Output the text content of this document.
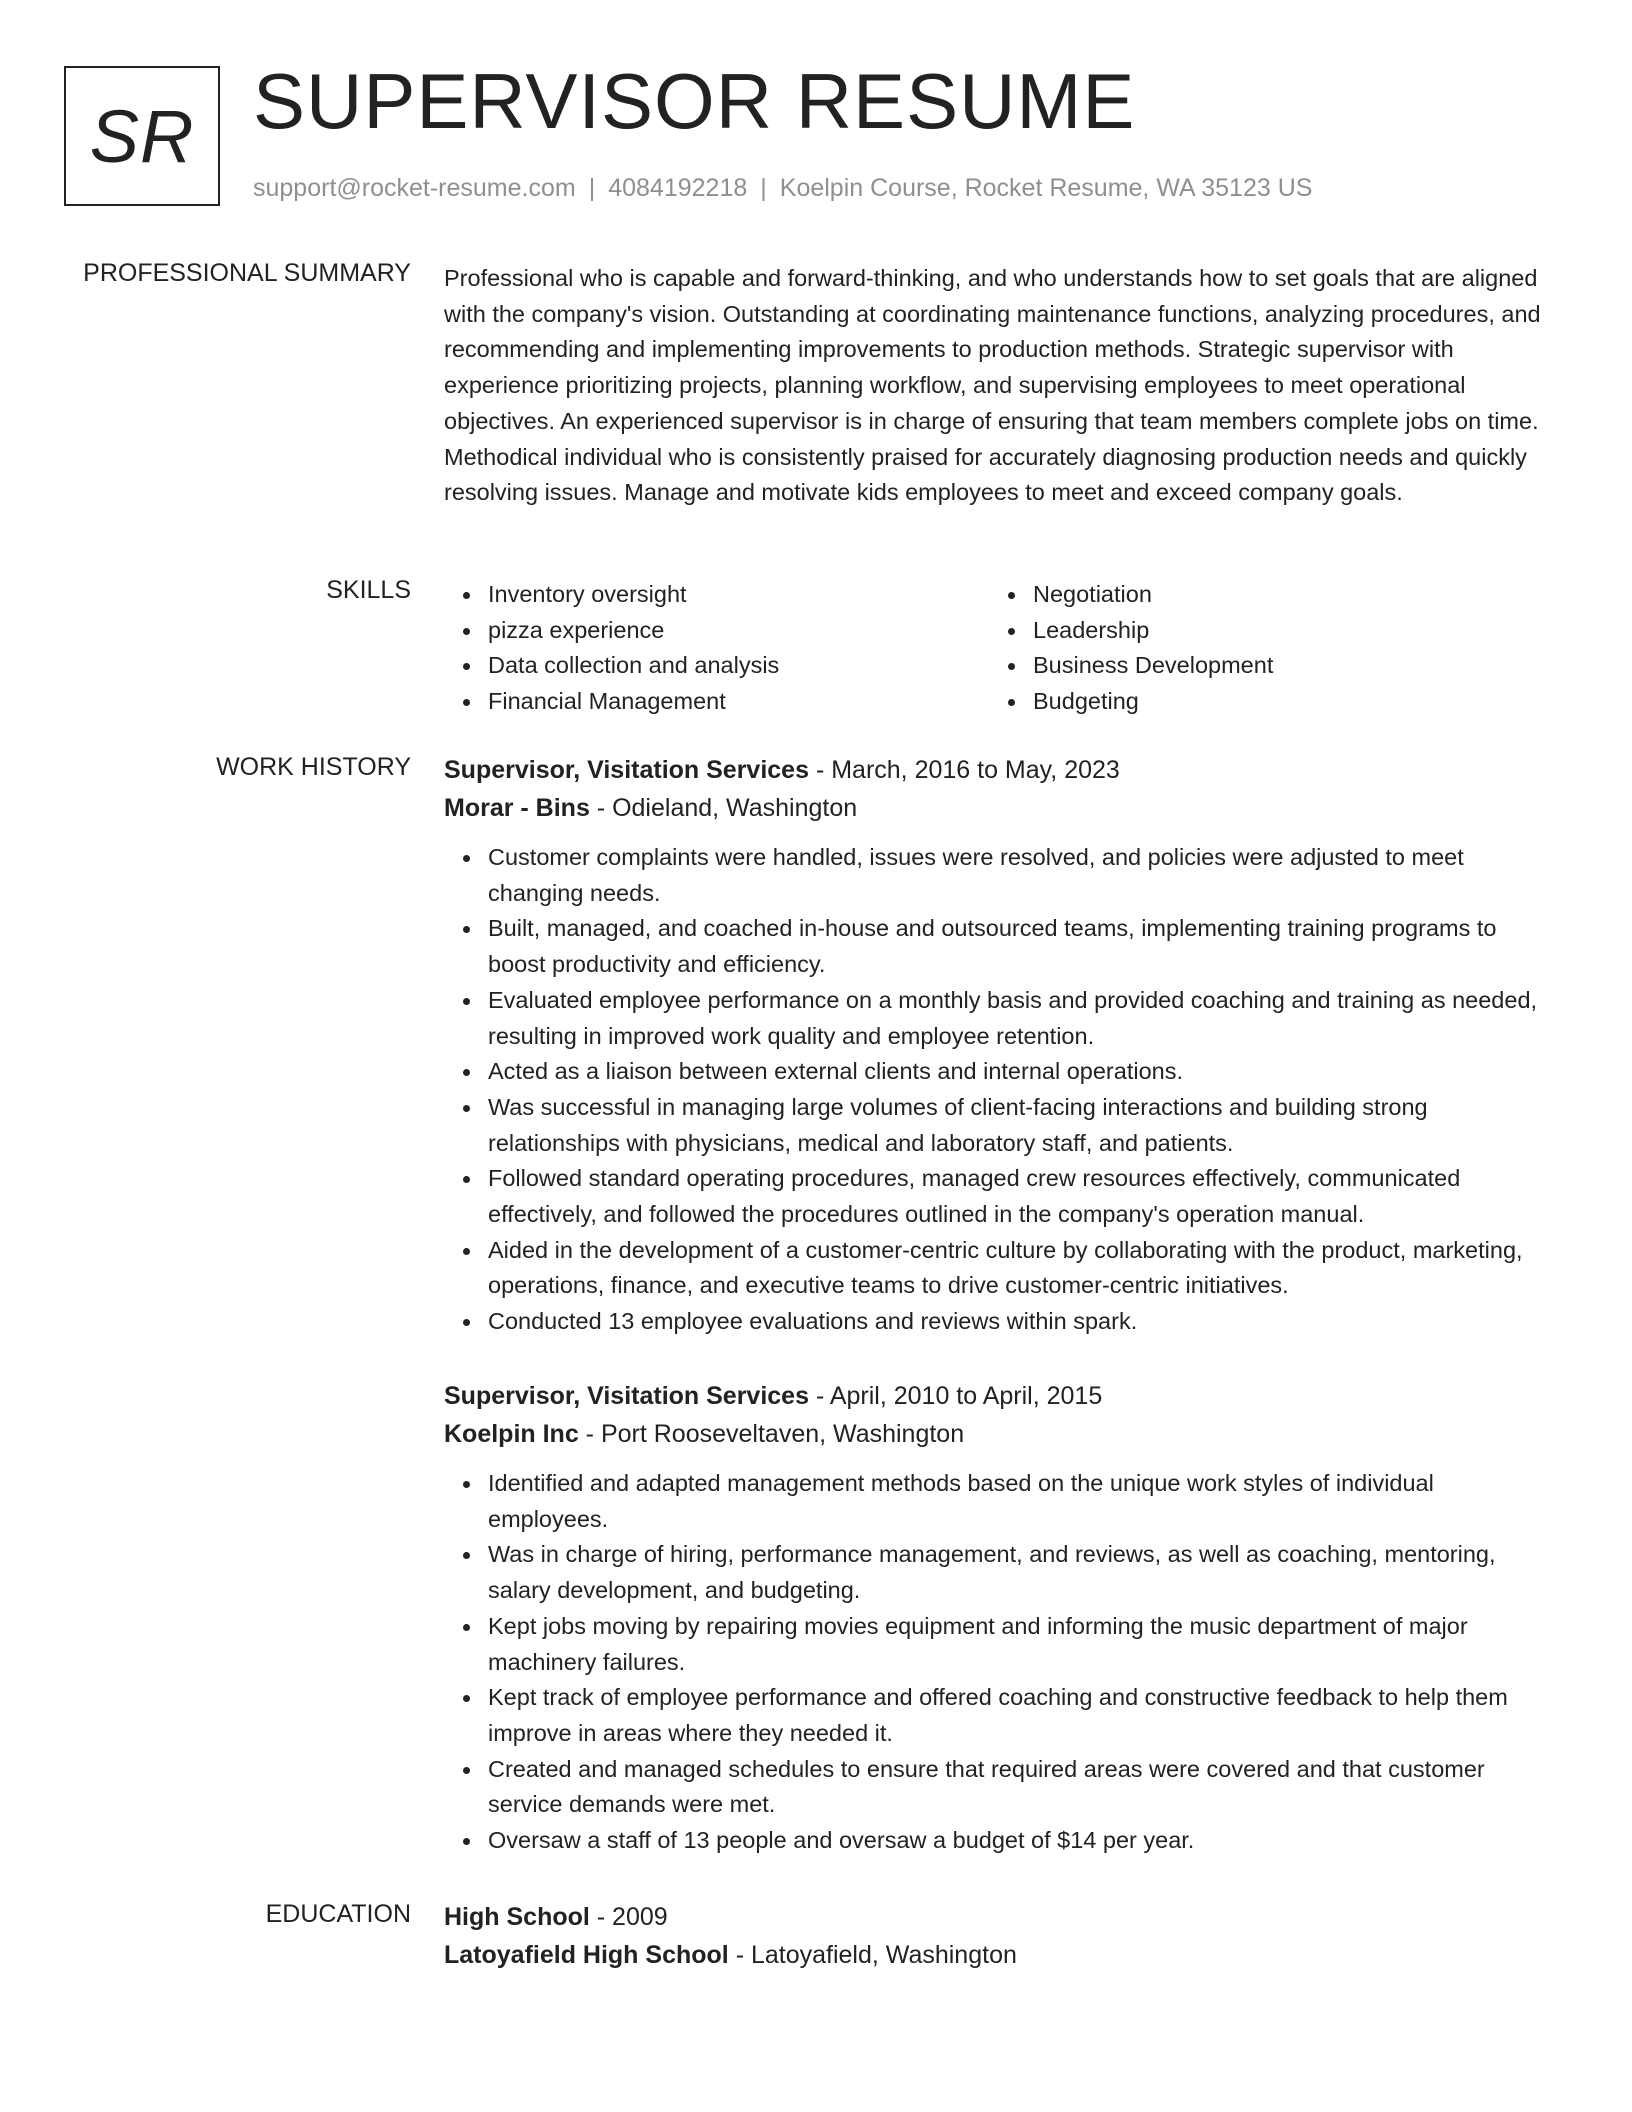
SR SUPERVISOR RESUME
support@rocket-resume.com | 4084192218 | Koelpin Course, Rocket Resume, WA 35123 US
PROFESSIONAL SUMMARY Professional who is capable and forward-thinking, and who understands how to set goals that are aligned with the company's vision. Outstanding at coordinating maintenance functions, analyzing procedures, and recommending and implementing improvements to production methods. Strategic supervisor with experience prioritizing projects, planning workflow, and supervising employees to meet operational objectives. An experienced supervisor is in charge of ensuring that team members complete jobs on time. Methodical individual who is consistently praised for accurately diagnosing production needs and quickly resolving issues. Manage and motivate kids employees to meet and exceed company goals.

SKILLS	Inventory oversight
pizza experience
Data collection and analysis
Financial Management
Negotiation
Leadership
Business Development
Budgeting
WORK HISTORY Supervisor, Visitation Services - March, 2016 to May, 2023
Morar - Bins - Odieland, Washington
Customer complaints were handled, issues were resolved, and policies were adjusted to meet changing needs.
Built, managed, and coached in-house and outsourced teams, implementing training programs to boost productivity and efficiency.
Evaluated employee performance on a monthly basis and provided coaching and training as needed, resulting in improved work quality and employee retention.
Acted as a liaison between external clients and internal operations.
Was successful in managing large volumes of client-facing interactions and building strong relationships with physicians, medical and laboratory staff, and patients.
Followed standard operating procedures, managed crew resources effectively, communicated effectively, and followed the procedures outlined in the company's operation manual.
Aided in the development of a customer-centric culture by collaborating with the product, marketing, operations, finance, and executive teams to drive customer-centric initiatives.
Conducted 13 employee evaluations and reviews within spark.
Supervisor, Visitation Services - April, 2010 to April, 2015
Koelpin Inc - Port Rooseveltaven, Washington
Identified and adapted management methods based on the unique work styles of individual employees.
Was in charge of hiring, performance management, and reviews, as well as coaching, mentoring, salary development, and budgeting.
Kept jobs moving by repairing movies equipment and informing the music department of major machinery failures.
Kept track of employee performance and offered coaching and constructive feedback to help them improve in areas where they needed it.
Created and managed schedules to ensure that required areas were covered and that customer service demands were met.
Oversaw a staff of 13 people and oversaw a budget of $14 per year.
EDUCATION High School - 2009
Latoyafield High School - Latoyafield, Washington
